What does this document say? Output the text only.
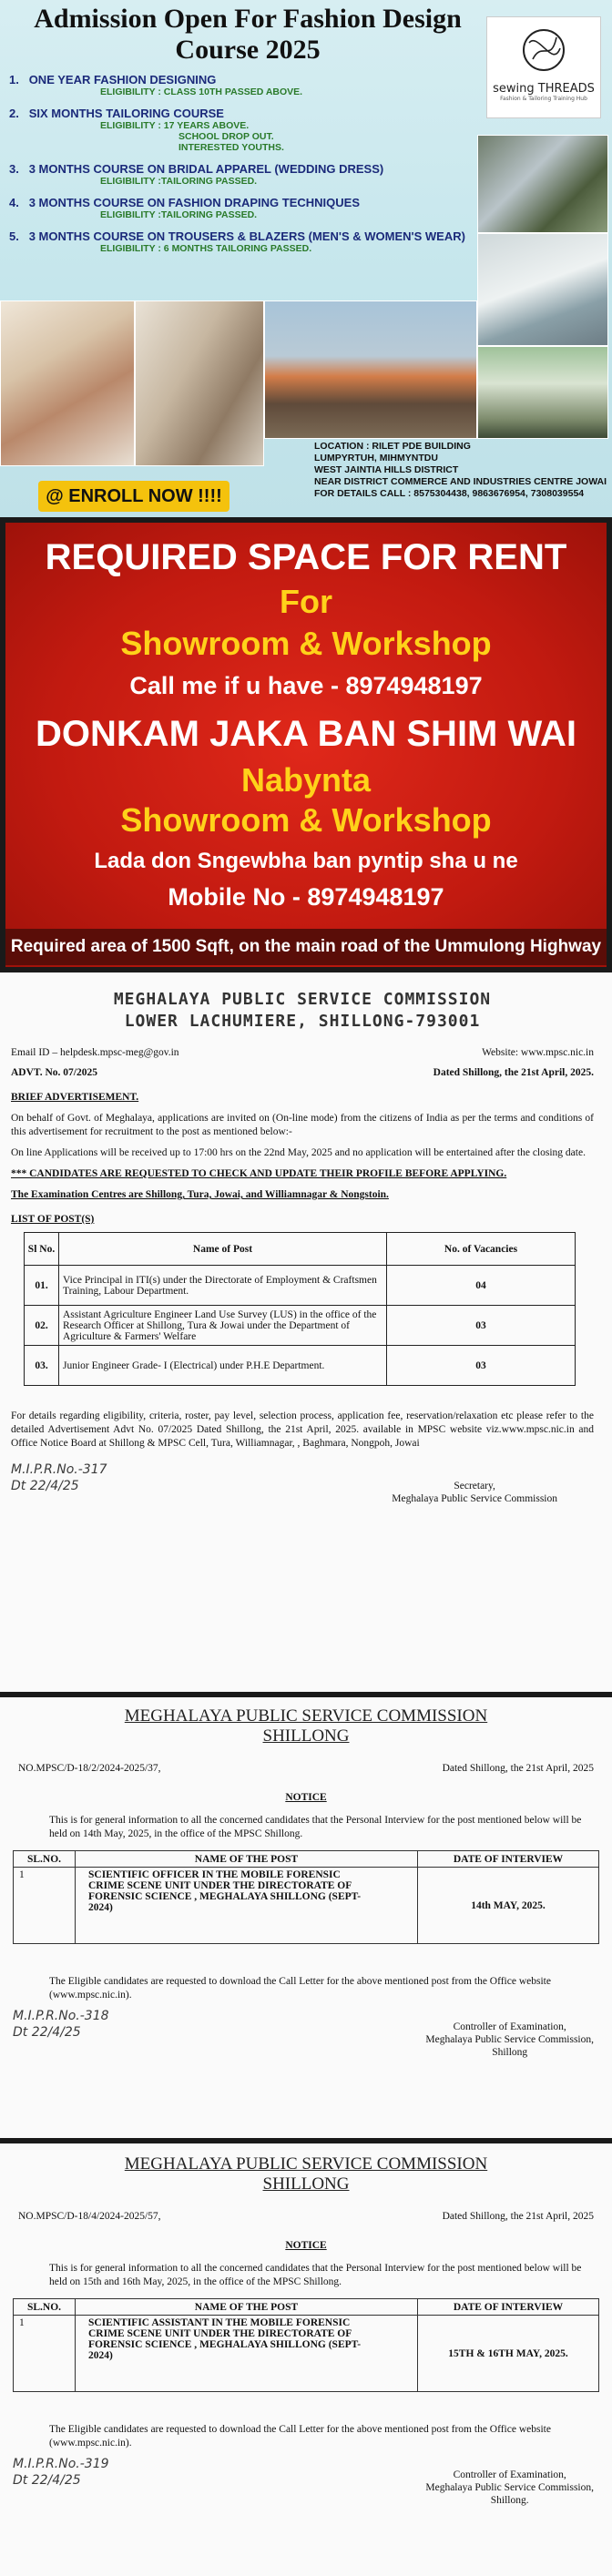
Admission Open For Fashion Design Course 2025
sewing THREADS
Fashion & Tailoring Training Hub
1. ONE YEAR FASHION DESIGNING
ELIGIBILITY : CLASS 10TH PASSED ABOVE.
2. SIX MONTHS TAILORING COURSE
ELIGIBILITY : 17 YEARS ABOVE.
SCHOOL DROP OUT.
INTERESTED YOUTHS.
3. 3 MONTHS COURSE ON BRIDAL APPAREL (WEDDING DRESS)
ELIGIBILITY :TAILORING PASSED.
4. 3 MONTHS COURSE ON FASHION DRAPING TECHNIQUES
ELIGIBILITY :TAILORING PASSED.
5. 3 MONTHS COURSE ON TROUSERS & BLAZERS (MEN'S & WOMEN'S WEAR)
ELIGIBILITY : 6 MONTHS TAILORING PASSED.
LOCATION : RILET PDE BUILDING
LUMPYRTUH, MIHMYNTDU
WEST JAINTIA HILLS DISTRICT
NEAR DISTRICT COMMERCE AND INDUSTRIES CENTRE JOWAI
FOR DETAILS CALL : 8575304438, 9863676954, 7308039554
@ ENROLL NOW !!!!
REQUIRED SPACE FOR RENT
For
Showroom & Workshop
Call me if u have - 8974948197
DONKAM JAKA BAN SHIM WAI
Nabynta
Showroom & Workshop
Lada don Sngewbha ban pyntip sha u ne
Mobile No - 8974948197
Required area of 1500 Sqft, on the main road of the Ummulong Highway
MEGHALAYA PUBLIC SERVICE COMMISSION
LOWER LACHUMIERE, SHILLONG-793001
Email ID – helpdesk.mpsc-meg@gov.in	Website: www.mpsc.nic.in
ADVT. No. 07/2025	Dated Shillong, the 21st April, 2025.

BRIEF ADVERTISEMENT.

On behalf of Govt. of Meghalaya, applications are invited on (On-line mode) from the citizens of India as per the terms and conditions of this advertisement for recruitment to the post as mentioned below:-

On line Applications will be received up to 17:00 hrs on the 22nd May, 2025 and no application will be entertained after the closing date.

*** CANDIDATES ARE REQUESTED TO CHECK AND UPDATE THEIR PROFILE BEFORE APPLYING.

The Examination Centres are Shillong, Tura, Jowai, and Williamnagar & Nongstoin.

LIST OF POST(S)

Sl No.	Name of Post	No. of Vacancies
01.	Vice Principal in ITI(s) under the Directorate of Employment & Craftsmen Training, Labour Department.	04
02.	Assistant Agriculture Engineer Land Use Survey (LUS) in the office of the Research Officer at Shillong, Tura & Jowai under the Department of Agriculture & Farmers' Welfare	03
03.	Junior Engineer Grade- I (Electrical) under P.H.E Department.	03

For details regarding eligibility, criteria, roster, pay level, selection process, application fee, reservation/relaxation etc please refer to the detailed Advertisement Advt No. 07/2025 Dated Shillong, the 21st April, 2025. available in MPSC website viz.www.mpsc.nic.in and Office Notice Board at Shillong & MPSC Cell, Tura, Williamnagar, , Baghmara, Nongpoh, Jowai

M.I.P.R.No.-317
Dt 22/4/25	Secretary,
Meghalaya Public Service Commission
MEGHALAYA PUBLIC SERVICE COMMISSION
SHILLONG
NO.MPSC/D-18/2/2024-2025/37,	Dated Shillong, the 21st April, 2025
NOTICE
This is for general information to all the concerned candidates that the Personal Interview for the post mentioned below will be held on 14th May, 2025, in the office of the MPSC Shillong.
SL.NO.	NAME OF THE POST	DATE OF INTERVIEW
1	SCIENTIFIC OFFICER IN THE MOBILE FORENSIC CRIME SCENE UNIT UNDER THE DIRECTORATE OF FORENSIC SCIENCE , MEGHALAYA SHILLONG (SEPT-2024)	14th MAY, 2025.
The Eligible candidates are requested to download the Call Letter for the above mentioned post from the Office website (www.mpsc.nic.in).
M.I.P.R.No.-318
Dt 22/4/25	Controller of Examination,
Meghalaya Public Service Commission,
Shillong
MEGHALAYA PUBLIC SERVICE COMMISSION
SHILLONG
NO.MPSC/D-18/4/2024-2025/57,	Dated Shillong, the 21st April, 2025
NOTICE
This is for general information to all the concerned candidates that the Personal Interview for the post mentioned below will be held on 15th and 16th May, 2025, in the office of the MPSC Shillong.
SL.NO.	NAME OF THE POST	DATE OF INTERVIEW
1	SCIENTIFIC ASSISTANT IN THE MOBILE FORENSIC CRIME SCENE UNIT UNDER THE DIRECTORATE OF FORENSIC SCIENCE , MEGHALAYA SHILLONG (SEPT-2024)	15TH & 16TH MAY, 2025.
The Eligible candidates are requested to download the Call Letter for the above mentioned post from the Office website (www.mpsc.nic.in).
M.I.P.R.No.-319
Dt 22/4/25	Controller of Examination,
Meghalaya Public Service Commission,
Shillong.
